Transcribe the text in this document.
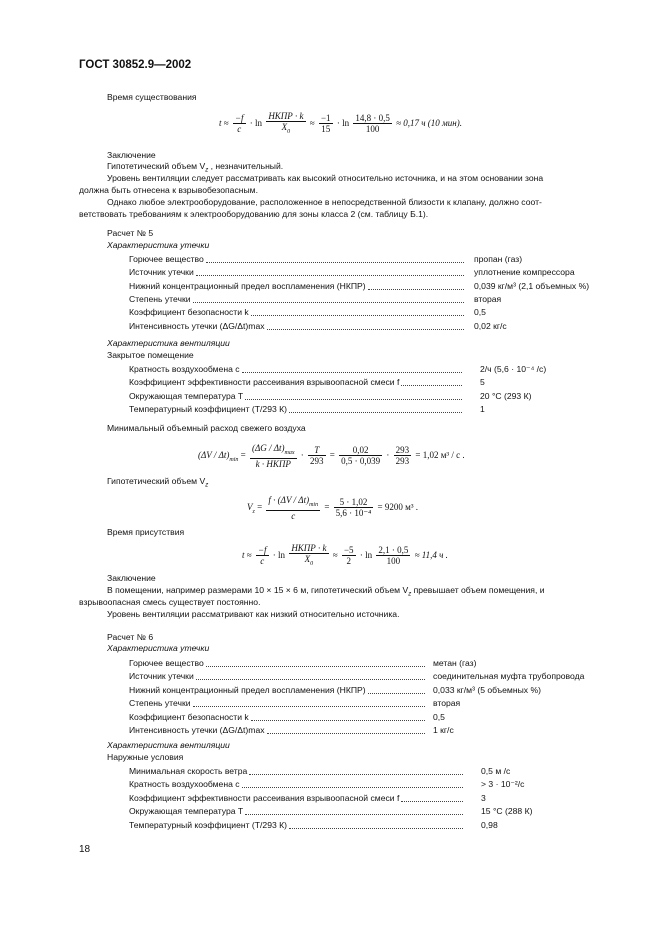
ГОСТ 30852.9—2002
Время существования
$t \approx \frac{-f}{c} \cdot \ln \frac{\text{НКПР · k}}{X_0} \approx \frac{-1}{15} \cdot \ln \frac{14,8 \cdot 0,5}{100} \approx 0,17$ ч (10 мин).
Заключение
Гипотетический объем $V_z$ , незначительный.
Уровень вентиляции следует рассматривать как высокий относительно источника, и на этом основании зона
должна быть отнесена к взрывобезопасным.
Однако любое электрооборудование, расположенное в непосредственной близости к клапану, должно соот-
ветствовать требованиям к электрооборудованию для зоны класса 2 (см. таблицу Б.1).
Расчет № 5
Характеристика утечки
Горючее вещество	пропан (газ)
Источник утечки	уплотнение компрессора
Нижний концентрационный предел воспламенения (НКПР)	0,039 кг/м³ (2,1 объемных %)
Степень утечки	вторая
Коэффициент безопасности k	0,5
Интенсивность утечки (ΔG/Δt)max	0,02 кг/с
Характеристика вентиляции
Закрытое помещение
Кратность воздухообмена c	2/ч (5,6 · 10⁻⁴ /с)
Коэффициент эффективности рассеивания взрывоопасной смеси f	5
Окружающая температура T	20 °С (293 К)
Температурный коэффициент (T/293 К)	1
Минимальный объемный расход свежего воздуха
$(\Delta V / \Delta t)_{min} = \frac{(\Delta G / \Delta t)_{max}}{\text{k · НКПР}} \cdot \frac{T}{293} = \frac{0,02}{0,5 \cdot 0,039} \cdot \frac{293}{293} = 1,02$ м³ / с .
Гипотетический объем $V_z$
$V_z = \frac{f \cdot (\Delta V / \Delta t)_{min}}{c} = \frac{5 \cdot 1,02}{\text{5,6 · 10⁻⁴}} = 9200$ м³ .
Время присутствия
$t \approx \frac{-f}{c} \cdot \ln \frac{\text{НКПР · k}}{X_0} \approx \frac{-5}{2} \cdot \ln \frac{2,1 \cdot 0,5}{100} \approx 11,4$ ч .
Заключение
В помещении, например размерами 10 × 15 × 6 м, гипотетический объем $V_z$ превышает объем помещения, и
взрывоопасная смесь существует постоянно.
Уровень вентиляции рассматривают как низкий относительно источника.
Расчет № 6
Характеристика утечки
Горючее вещество	метан (газ)
Источник утечки	соединительная муфта трубопровода
Нижний концентрационный предел воспламенения (НКПР)	0,033 кг/м³ (5 объемных %)
Степень утечки	вторая
Коэффициент безопасности k	0,5
Интенсивность утечки (ΔG/Δt)max	1 кг/с
Характеристика вентиляции
Наружные условия
Минимальная скорость ветра	0,5 м /с
Кратность воздухообмена c	> 3 · 10⁻²/с
Коэффициент эффективности рассеивания взрывоопасной смеси f	3
Окружающая температура T	15 °С (288 К)
Температурный коэффициент (T/293 К)	0,98
18
